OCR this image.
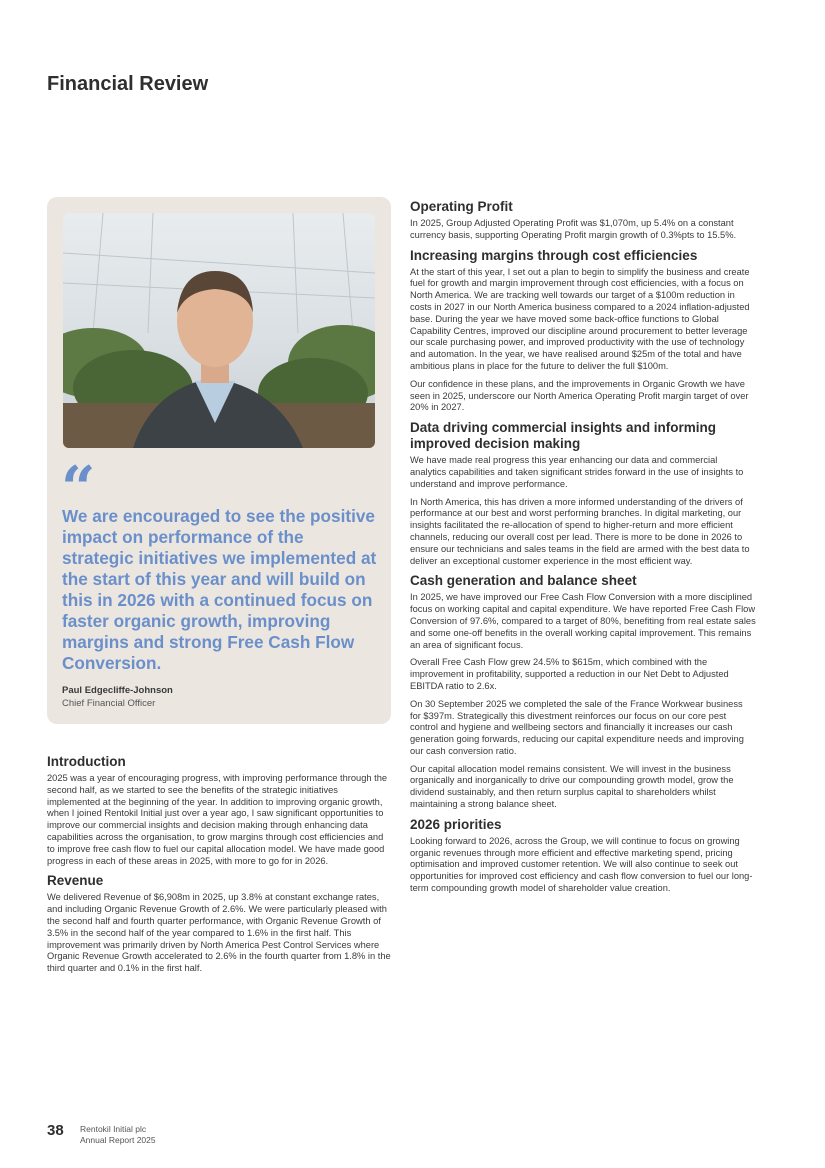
Financial Review
“

We are encouraged to see the positive impact on performance of the strategic initiatives we implemented at the start of this year and will build on this in 2026 with a continued focus on faster organic growth, improving margins and strong Free Cash Flow Conversion.

Paul Edgecliffe-Johnson
Chief Financial Officer
Introduction

2025 was a year of encouraging progress, with improving performance through the second half, as we started to see the benefits of the strategic initiatives implemented at the beginning of the year. In addition to improving organic growth, when I joined Rentokil Initial just over a year ago, I saw significant opportunities to improve our commercial insights and decision making through enhancing data capabilities across the organisation, to grow margins through cost efficiencies and to improve free cash flow to fuel our capital allocation model. We have made good progress in each of these areas in 2025, with more to go for in 2026.

Revenue

We delivered Revenue of $6,908m in 2025, up 3.8% at constant exchange rates, and including Organic Revenue Growth of 2.6%. We were particularly pleased with the second half and fourth quarter performance, with Organic Revenue Growth of 3.5% in the second half of the year compared to 1.6% in the first half. This improvement was primarily driven by North America Pest Control Services where Organic Revenue Growth accelerated to 2.6% in the fourth quarter from 1.8% in the third quarter and 0.1% in the first half.

Operating Profit

In 2025, Group Adjusted Operating Profit was $1,070m, up 5.4% on a constant currency basis, supporting Operating Profit margin growth of 0.3%pts to 15.5%.

Increasing margins through cost efficiencies

At the start of this year, I set out a plan to begin to simplify the business and create fuel for growth and margin improvement through cost efficiencies, with a focus on North America. We are tracking well towards our target of a $100m reduction in costs in 2027 in our North America business compared to a 2024 inflation-adjusted base. During the year we have moved some back-office functions to Global Capability Centres, improved our discipline around procurement to better leverage our scale purchasing power, and improved productivity with the use of technology and automation. In the year, we have realised around $25m of the total and have ambitious plans in place for the future to deliver the full $100m.

Our confidence in these plans, and the improvements in Organic Growth we have seen in 2025, underscore our North America Operating Profit margin target of over 20% in 2027.

Data driving commercial insights and informing improved decision making

We have made real progress this year enhancing our data and commercial analytics capabilities and taken significant strides forward in the use of insights to understand and improve performance.

In North America, this has driven a more informed understanding of the drivers of performance at our best and worst performing branches. In digital marketing, our insights facilitated the re-allocation of spend to higher-return and more efficient channels, reducing our overall cost per lead. There is more to be done in 2026 to ensure our technicians and sales teams in the field are armed with the best data to deliver an exceptional customer experience in the most efficient way.

Cash generation and balance sheet

In 2025, we have improved our Free Cash Flow Conversion with a more disciplined focus on working capital and capital expenditure. We have reported Free Cash Flow Conversion of 97.6%, compared to a target of 80%, benefiting from real estate sales and some one-off benefits in the overall working capital improvement. This remains an area of significant focus.

Overall Free Cash Flow grew 24.5% to $615m, which combined with the improvement in profitability, supported a reduction in our Net Debt to Adjusted EBITDA ratio to 2.6x.

On 30 September 2025 we completed the sale of the France Workwear business for $397m. Strategically this divestment reinforces our focus on our core pest control and hygiene and wellbeing sectors and financially it increases our cash generation going forwards, reducing our capital expenditure needs and improving our cash conversion ratio.

Our capital allocation model remains consistent. We will invest in the business organically and inorganically to drive our compounding growth model, grow the dividend sustainably, and then return surplus capital to shareholders whilst maintaining a strong balance sheet.

2026 priorities

Looking forward to 2026, across the Group, we will continue to focus on growing organic revenues through more efficient and effective marketing spend, pricing optimisation and improved customer retention. We will also continue to seek out opportunities for improved cost efficiency and cash flow conversion to fuel our long-term compounding growth model of shareholder value creation.

38 Rentokil Initial plc
Annual Report 2025
